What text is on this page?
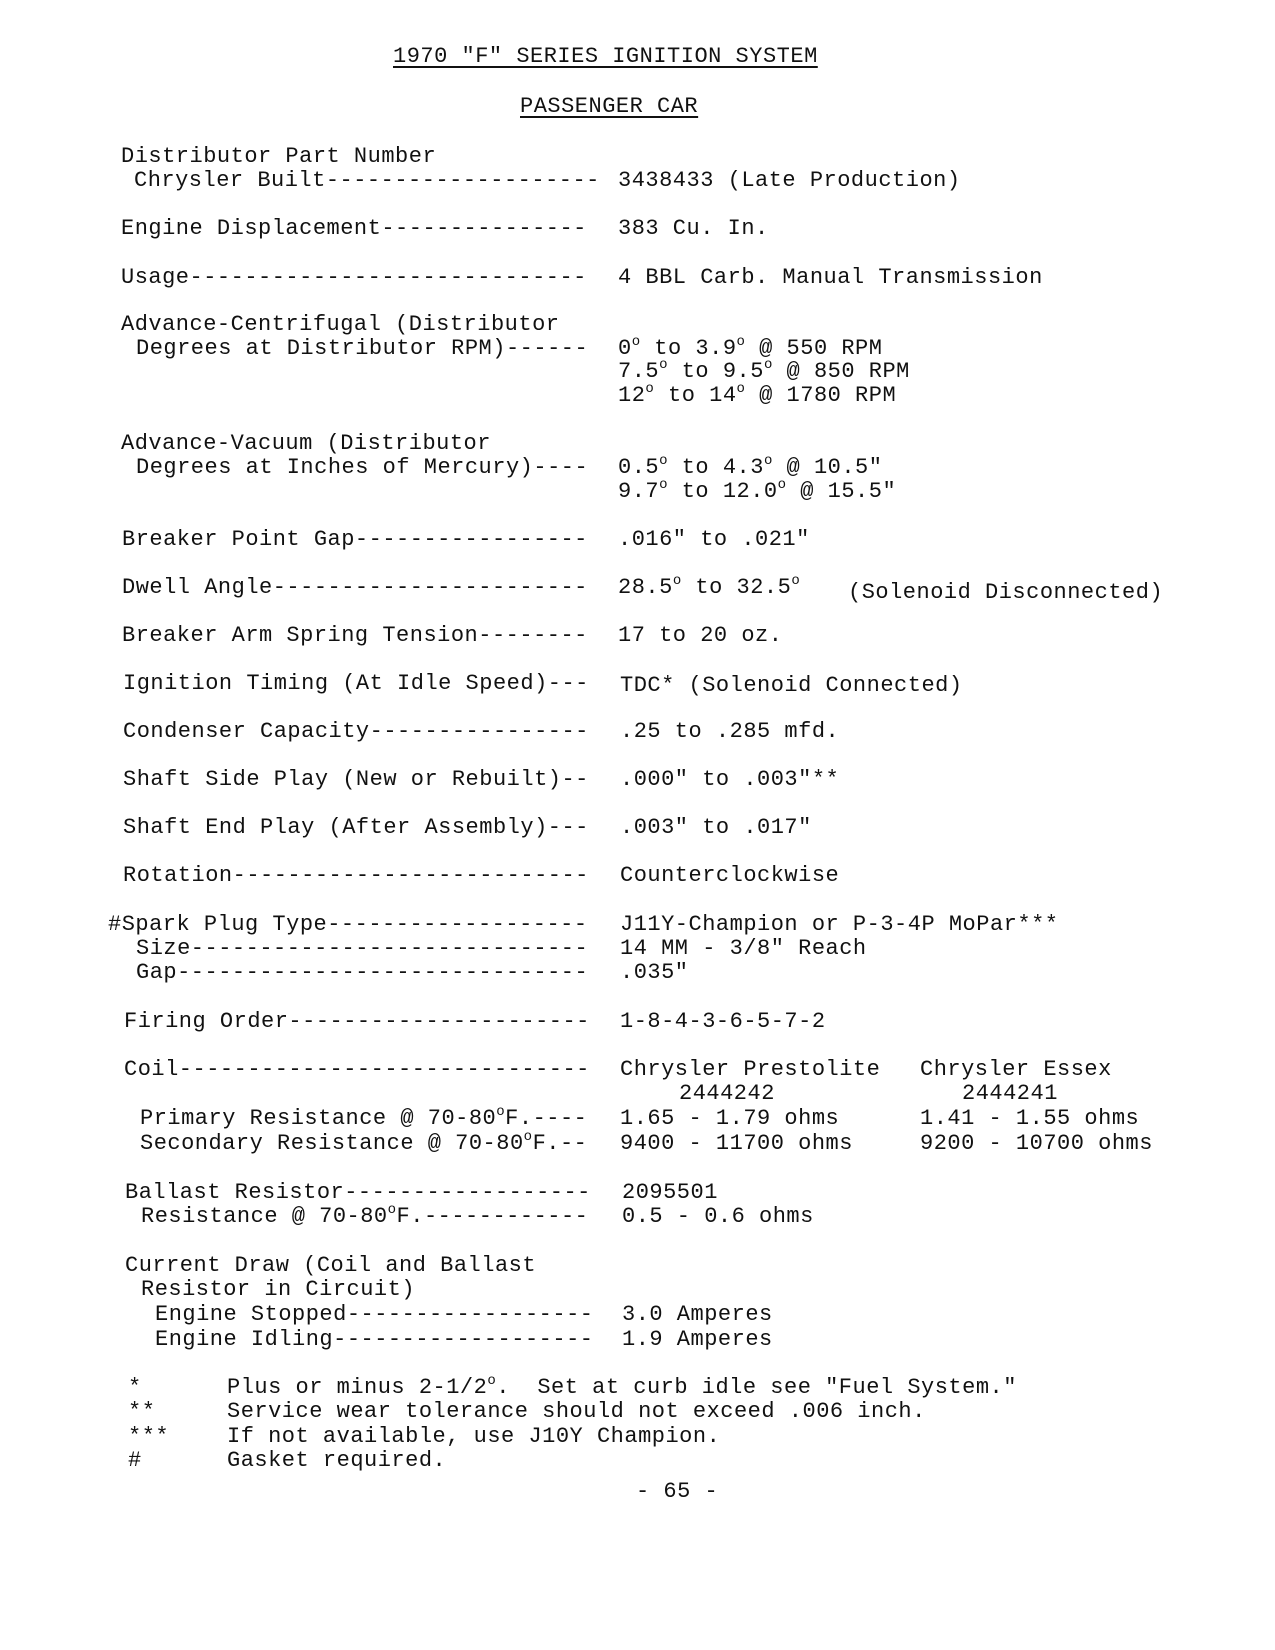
1970 "F" SERIES IGNITION SYSTEM
PASSENGER CAR
Distributor Part Number
Chrysler Built-------------------- 3438433 (Late Production)
Engine Displacement--------------- 383 Cu. In.
Usage----------------------------- 4 BBL Carb. Manual Transmission
Advance-Centrifugal (Distributor
Degrees at Distributor RPM)------ 0$^o$ to 3.9$^o$ @ 550 RPM
7.5$^o$ to 9.5$^o$ @ 850 RPM
12$^o$ to 14$^o$ @ 1780 RPM
Advance-Vacuum (Distributor
Degrees at Inches of Mercury)---- 0.5$^o$ to 4.3$^o$ @ 10.5"
9.7$^o$ to 12.0$^o$ @ 15.5"
Breaker Point Gap----------------- .016" to .021"
Dwell Angle----------------------- 28.5$^o$ to 32.5$^o$ (Solenoid Disconnected)
Breaker Arm Spring Tension-------- 17 to 20 oz.
Ignition Timing (At Idle Speed)--- TDC* (Solenoid Connected)
Condenser Capacity---------------- .25 to .285 mfd.
Shaft Side Play (New or Rebuilt)-- .000" to .003"**
Shaft End Play (After Assembly)--- .003" to .017"
Rotation-------------------------- Counterclockwise
#Spark Plug Type------------------- J11Y-Champion or P-3-4P MoPar***
Size----------------------------- 14 MM - 3/8" Reach
Gap------------------------------ .035"
Firing Order---------------------- 1-8-4-3-6-5-7-2
Coil------------------------------ Chrysler Prestolite Chrysler Essex
2444242	2444241
Primary Resistance @ 70-80$^o$F.---- 1.65 - 1.79 ohms	1.41 - 1.55 ohms
Secondary Resistance @ 70-80$^o$F.-- 9400 - 11700 ohms	9200 - 10700 ohms
Ballast Resistor------------------ 2095501
Resistance @ 70-80$^o$F.------------ 0.5 - 0.6 ohms
Current Draw (Coil and Ballast
Resistor in Circuit)
Engine Stopped------------------ 3.0 Amperes
Engine Idling------------------- 1.9 Amperes
*	Plus or minus 2-1/2$^o$.  Set at curb idle see "Fuel System."
**	Service wear tolerance should not exceed .006 inch.
***	If not available, use J10Y Champion.
#	Gasket required.
- 65 -
